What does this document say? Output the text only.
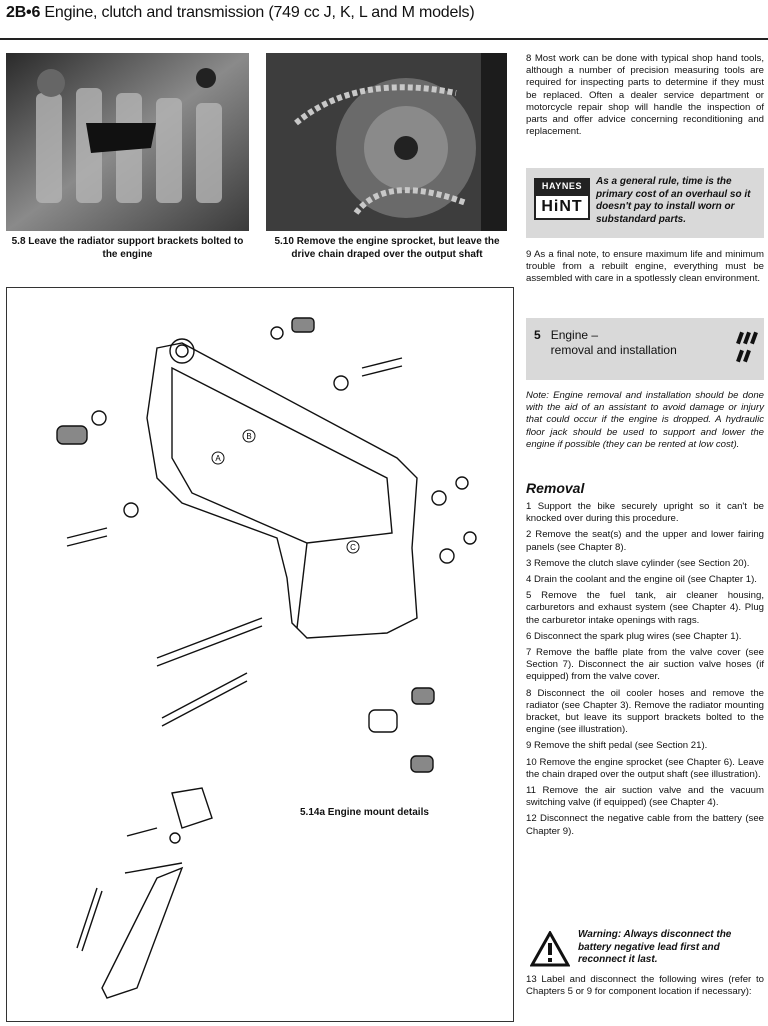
2B•6 Engine, clutch and transmission (749 cc J, K, L and M models)
5.8 Leave the radiator support brackets bolted to the engine
5.10 Remove the engine sprocket, but leave the drive chain draped over the output shaft
A
B
C
5.14a Engine mount details

8 Most work can be done with typical shop hand tools, although a number of precision measuring tools are required for inspecting parts to determine if they must be replaced. Often a dealer service department or motorcycle repair shop will handle the inspection of parts and offer advice concerning reconditioning and replacement.

HAYNES
HiNT
As a general rule, time is the primary cost of an overhaul so it doesn't pay to install worn or substandard parts.

9 As a final note, to ensure maximum life and minimum trouble from a rebuilt engine, everything must be assembled with care in a spotlessly clean environment.

5 Engine –
removal and installation

Note: Engine removal and installation should be done with the aid of an assistant to avoid damage or injury that could occur if the engine is dropped. A hydraulic floor jack should be used to support and lower the engine if possible (they can be rented at low cost).

Removal

1 Support the bike securely upright so it can't be knocked over during this procedure.

2 Remove the seat(s) and the upper and lower fairing panels (see Chapter 8).

3 Remove the clutch slave cylinder (see Section 20).

4 Drain the coolant and the engine oil (see Chapter 1).

5 Remove the fuel tank, air cleaner housing, carburetors and exhaust system (see Chapter 4). Plug the carburetor intake openings with rags.

6 Disconnect the spark plug wires (see Chapter 1).

7 Remove the baffle plate from the valve cover (see Section 7). Disconnect the air suction valve hoses (if equipped) from the valve cover.

8 Disconnect the oil cooler hoses and remove the radiator (see Chapter 3). Remove the radiator mounting bracket, but leave its support brackets bolted to the engine (see illustration).

9 Remove the shift pedal (see Section 21).

10 Remove the engine sprocket (see Chapter 6). Leave the chain draped over the output shaft (see illustration).

11 Remove the air suction valve and the vacuum switching valve (if equipped) (see Chapter 4).

12 Disconnect the negative cable from the battery (see Chapter 9).

Warning: Always disconnect the battery negative lead first and reconnect it last.

13 Label and disconnect the following wires (refer to Chapters 5 or 9 for component location if necessary):
